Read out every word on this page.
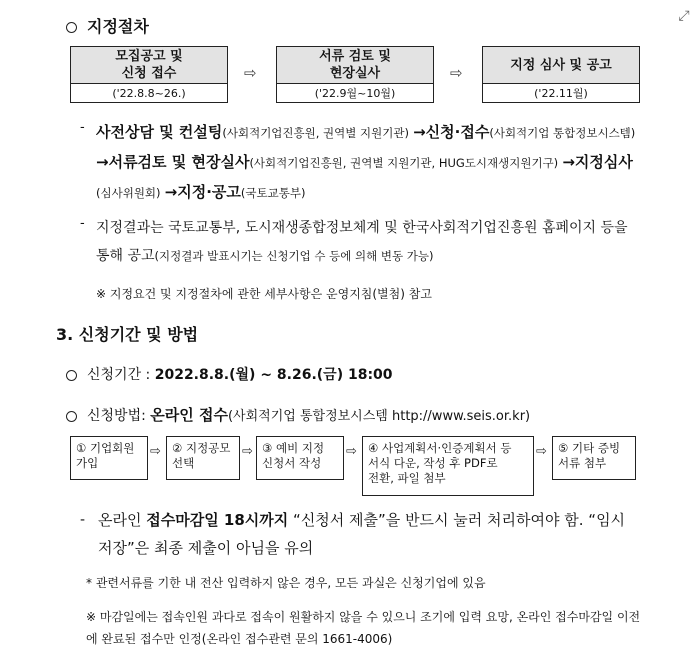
⤢
지정절차
모집공고 및
신청 접수
('22.8.8~26.)
⇨
서류 검토 및
현장실사
('22.9월~10월)
⇨	지정 심사 및 공고
('22.11월)
- 사전상담 및 컨설팅(사회적기업진흥원, 권역별 지원기관) →신청·접수(사회적기업 통합정보시스템) →서류검토 및 현장실사(사회적기업진흥원, 권역별 지원기관, HUG도시재생지원기구) →지정심사(심사위원회) →지정·공고(국토교통부)
- 지정결과는 국토교통부, 도시재생종합정보체계 및 한국사회적기업진흥원 홈페이지 등을 통해 공고(지정결과 발표시기는 신청기업 수 등에 의해 변동 가능)
※ 지정요건 및 지정절차에 관한 세부사항은 운영지침(별첨) 참고
3. 신청기간 및 방법
신청기간 : 2022.8.8.(월) ~ 8.26.(금) 18:00
신청방법: 온라인 접수(사회적기업 통합정보시스템 http://www.seis.or.kr)
① 기업회원
가입
⇨ ② 지정공모
선택
⇨ ③ 예비 지정
신청서 작성
⇨ ④ 사업계획서·인증계획서 등
서식 다운, 작성 후 PDF로
전환, 파일 첨부
⇨ ⑤ 기타 증빙
서류 첨부
- 온라인 접수마감일 18시까지 “신청서 제출”을 반드시 눌러 처리하여야 함. “임시저장”은 최종 제출이 아님을 유의
* 관련서류를 기한 내 전산 입력하지 않은 경우, 모든 과실은 신청기업에 있음
※ 마감일에는 접속인원 과다로 접속이 원활하지 않을 수 있으니 조기에 입력 요망, 온라인 접수마감일 이전에 완료된 접수만 인정(온라인 접수관련 문의 1661-4006)
